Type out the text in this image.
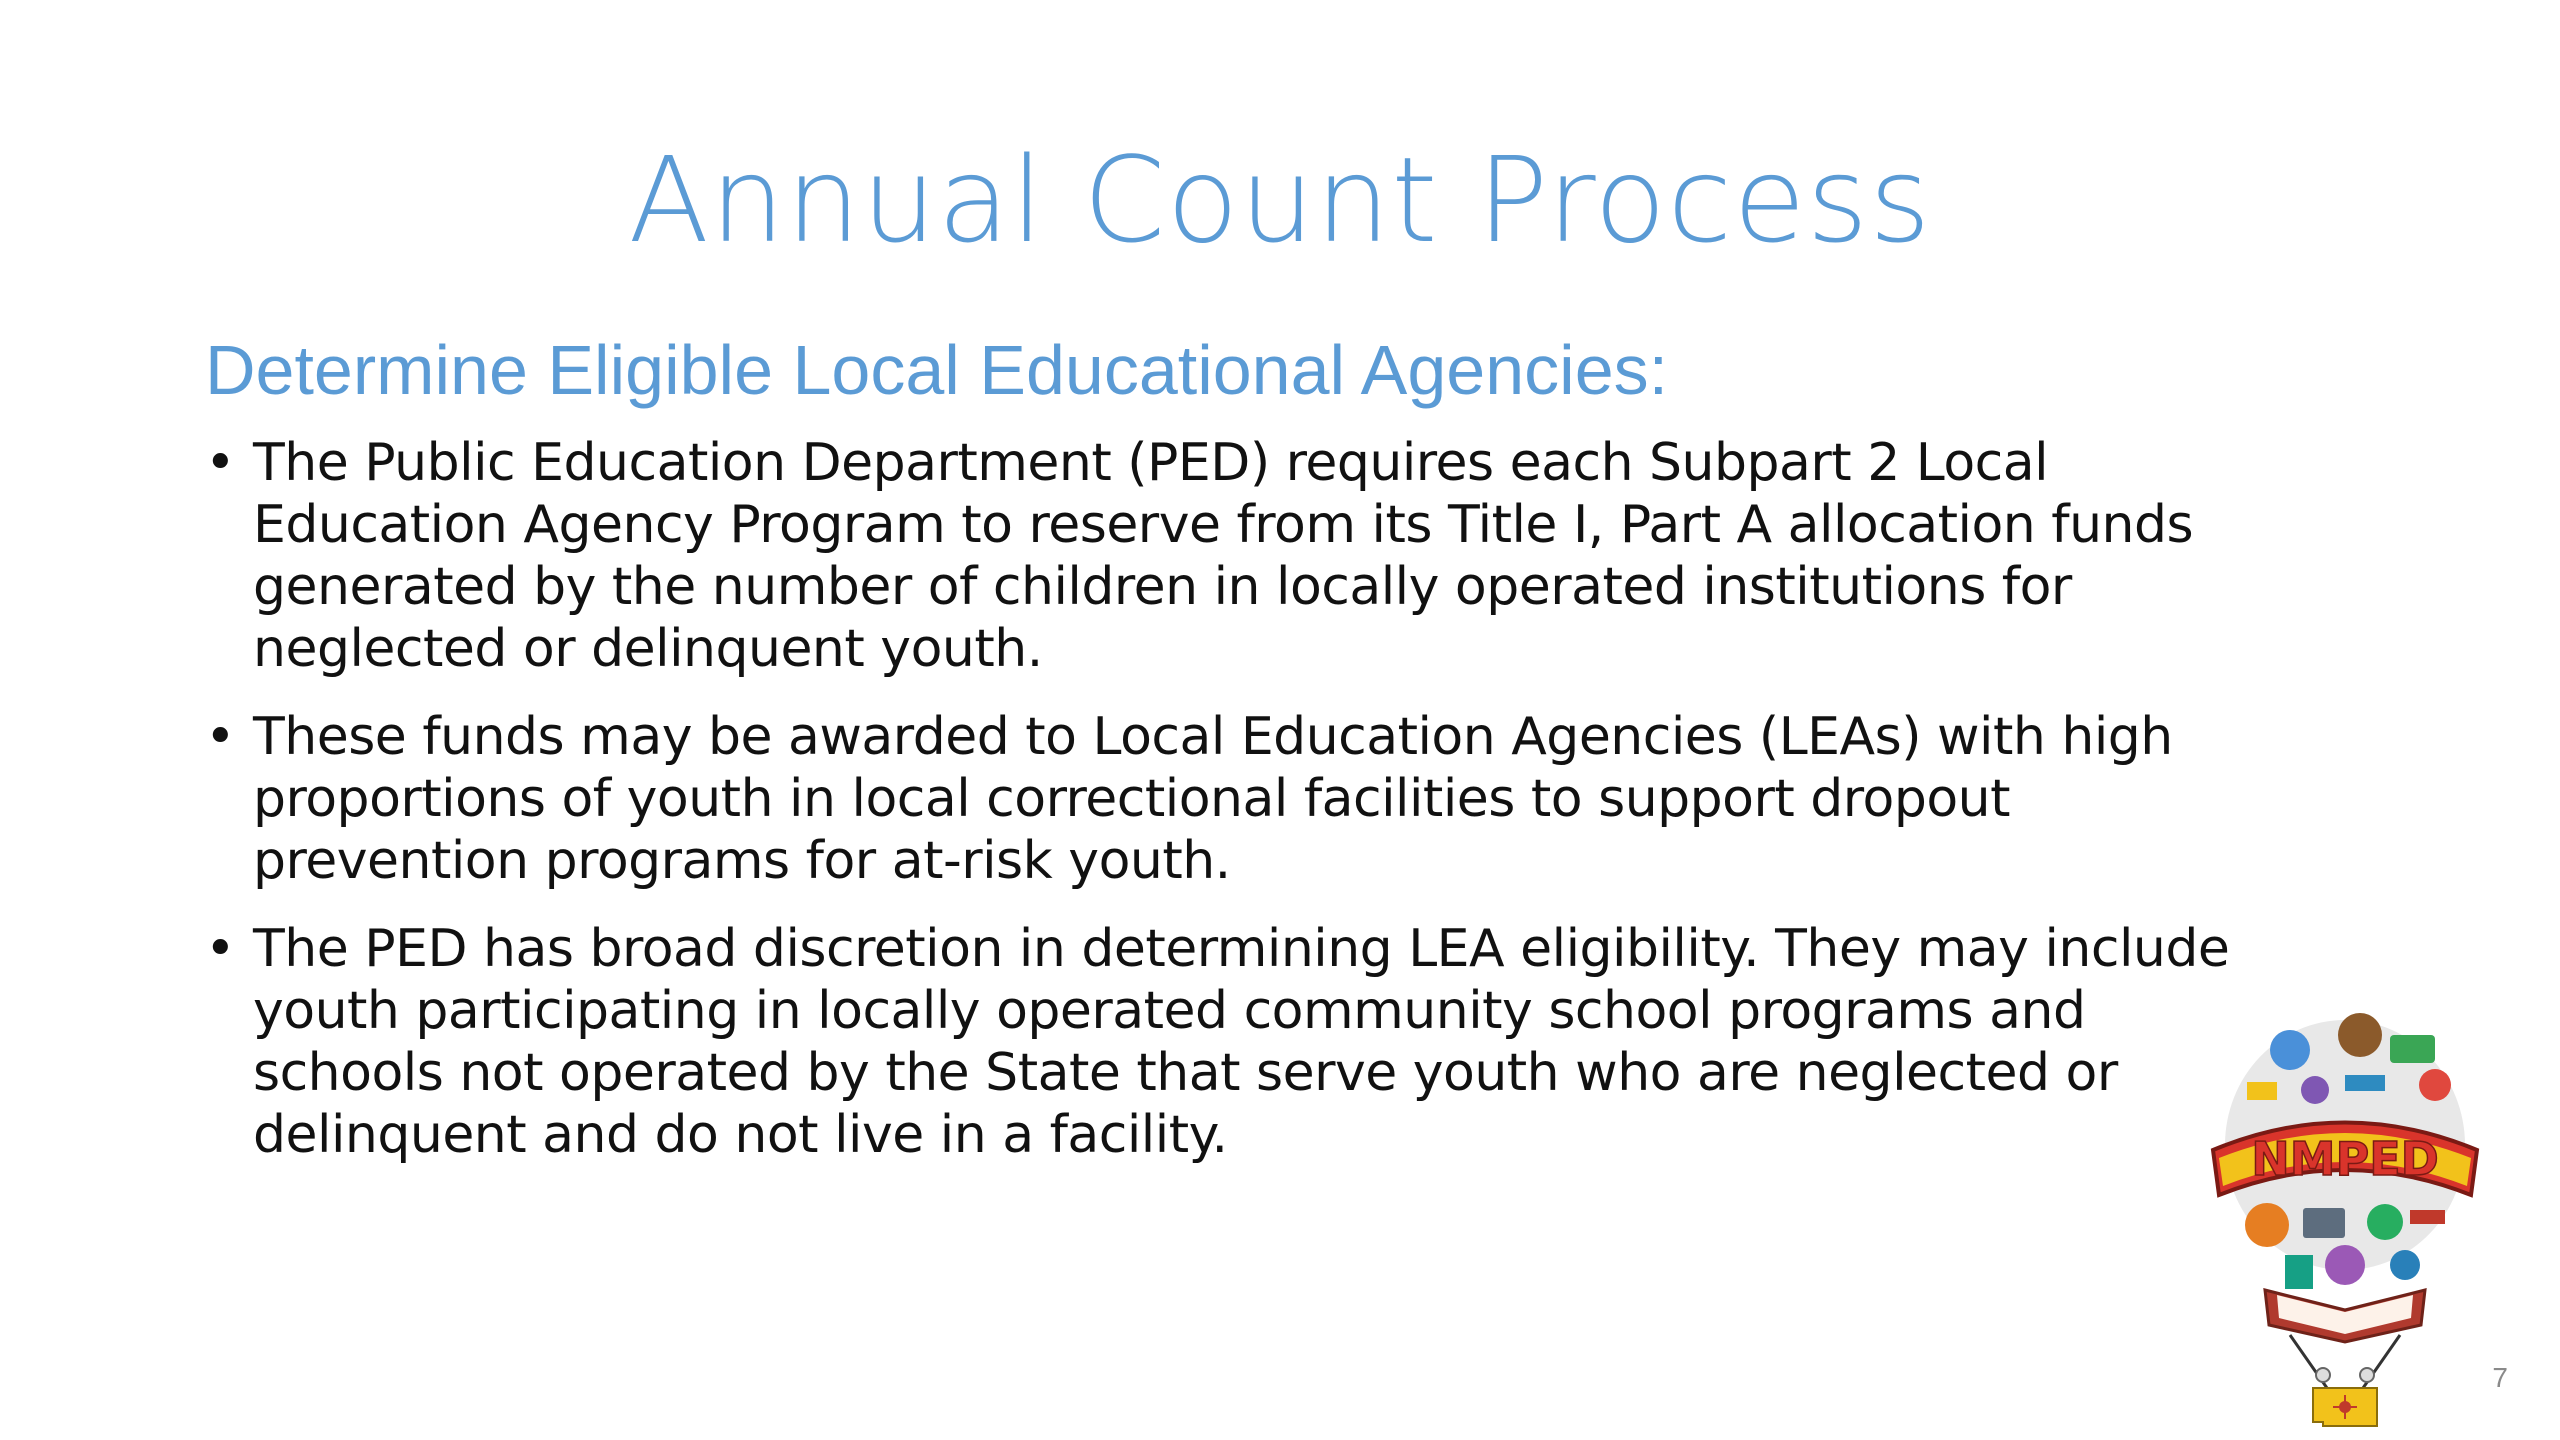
Annual Count Process
Determine Eligible Local Educational Agencies:
• The Public Education Department (PED) requires each Subpart 2 Local Education Agency Program to reserve from its Title I, Part A allocation funds generated by the number of children in locally operated institutions for neglected or delinquent youth.
• These funds may be awarded to Local Education Agencies (LEAs) with high proportions of youth in local correctional facilities to support dropout prevention programs for at-risk youth.
• The PED has broad discretion in determining LEA eligibility. They may include youth participating in locally operated community school programs and schools not operated by the State that serve youth who are neglected or delinquent and do not live in a facility.	NMPED
7
